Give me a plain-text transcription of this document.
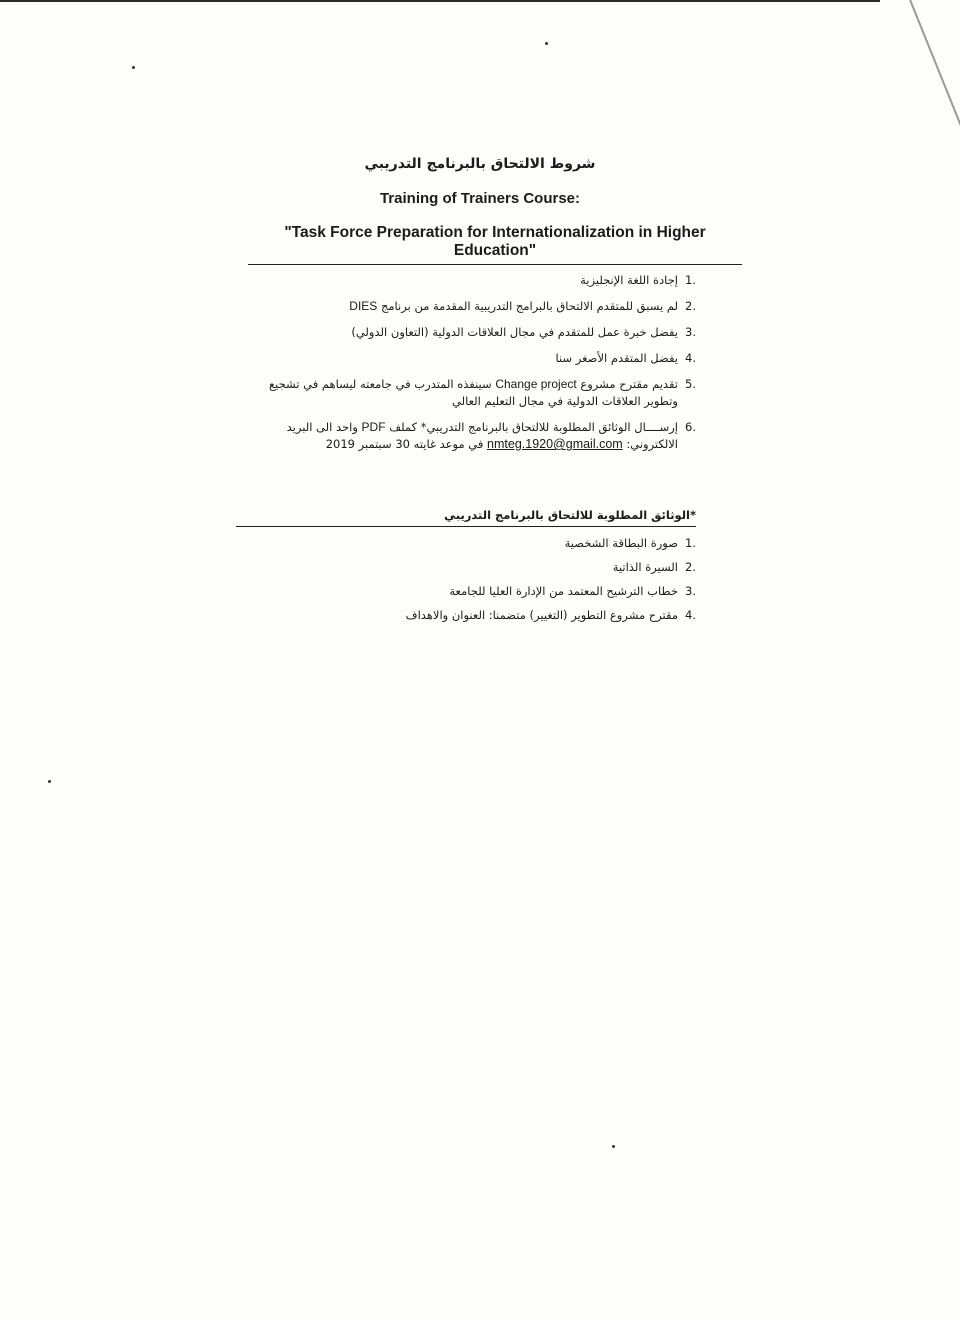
شروط الالتحاق بالبرنامج التدريبي
Training of Trainers Course:
"Task Force Preparation for Internationalization in Higher Education"
1.
إجادة اللغة الإنجليزية
2.
لم يسبق للمتقدم الالتحاق بالبرامج التدريبية المقدمة من برنامج DIES
3.
يفضل خبرة عمل للمتقدم في مجال العلاقات الدولية (التعاون الدولي)
4.
يفضل المتقدم الأصغر سنا
5.
تقديم مقترح مشروع Change project سينفذه المتدرب في جامعته ليساهم في تشجيع وتطوير العلاقات الدولية في مجال التعليم العالي
6.
إرســــال الوثائق المطلوبة للالتحاق بالبرنامج التدريبي* كملف PDF واحد الى البريد الالكتروني: nmteg.1920@gmail.com في موعد غايته 30 سبتمبر 2019
*الوثائق المطلوبة للالتحاق بالبرنامج التدريبي
1.
صورة البطاقة الشخصية
2.
السيرة الذاتية
3.
خطاب الترشيح المعتمد من الإدارة العليا للجامعة
4.
مقترح مشروع التطوير (التغيير) متضمنا: العنوان والاهداف
